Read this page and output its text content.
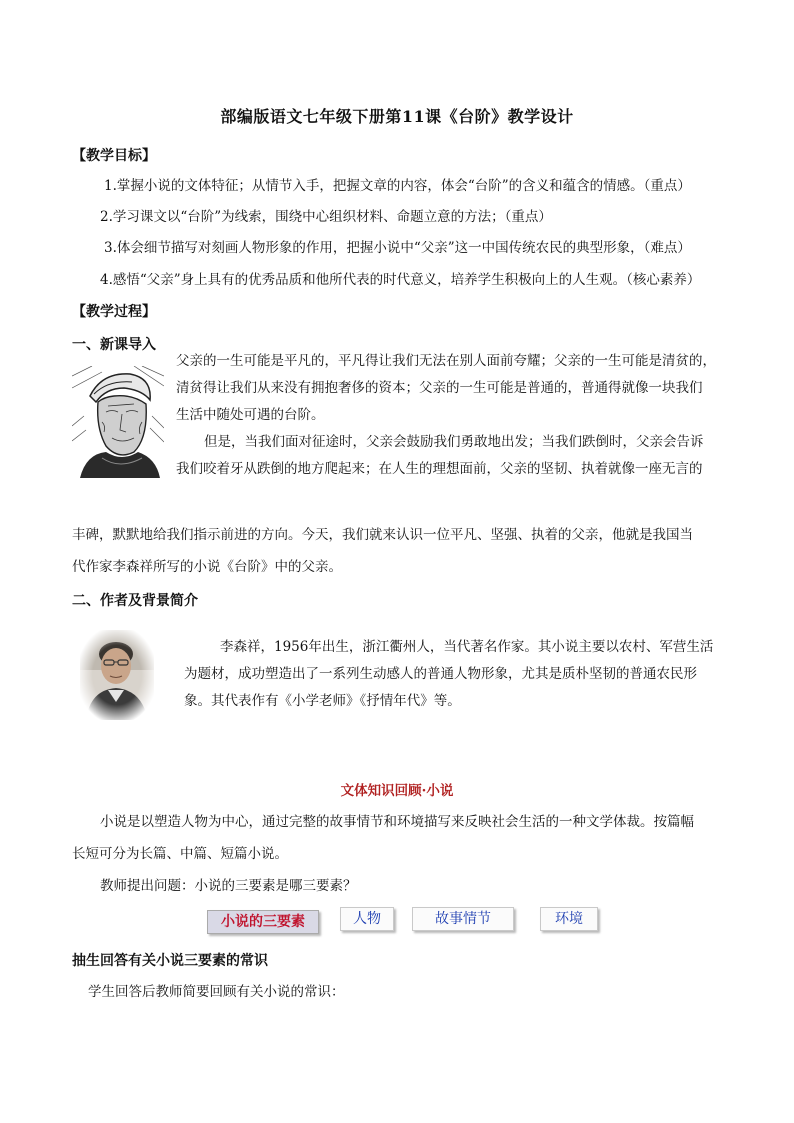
部编版语文七年级下册第11课《台阶》教学设计
【教学目标】
1.掌握小说的文体特征；从情节入手，把握文章的内容，体会“台阶”的含义和蕴含的情感。（重点）
2.学习课文以“台阶”为线索，围绕中心组织材料、命题立意的方法；（重点）
3.体会细节描写对刻画人物形象的作用，把握小说中“父亲”这一中国传统农民的典型形象，（难点）
4.感悟“父亲”身上具有的优秀品质和他所代表的时代意义，培养学生积极向上的人生观。（核心素养）
【教学过程】
一、新课导入
父亲的一生可能是平凡的，平凡得让我们无法在别人面前夸耀；父亲的一生可能是清贫的，
清贫得让我们从来没有拥抱奢侈的资本；父亲的一生可能是普通的，普通得就像一块我们
生活中随处可遇的台阶。
但是，当我们面对征途时，父亲会鼓励我们勇敢地出发；当我们跌倒时，父亲会告诉
我们咬着牙从跌倒的地方爬起来；在人生的理想面前，父亲的坚韧、执着就像一座无言的
丰碑，默默地给我们指示前进的方向。今天，我们就来认识一位平凡、坚强、执着的父亲，他就是我国当
代作家李森祥所写的小说《台阶》中的父亲。
二、作者及背景简介
李森祥，1956年出生，浙江衢州人，当代著名作家。其小说主要以农村、军营生活
为题材，成功塑造出了一系列生动感人的普通人物形象，尤其是质朴坚韧的普通农民形
象。其代表作有《小学老师》《抒情年代》等。
文体知识回顾·小说
小说是以塑造人物为中心，通过完整的故事情节和环境描写来反映社会生活的一种文学体裁。按篇幅
长短可分为长篇、中篇、短篇小说。
教师提出问题：小说的三要素是哪三要素？
小说的三要素	人物	故事情节	环境
抽生回答有关小说三要素的常识
学生回答后教师简要回顾有关小说的常识：
